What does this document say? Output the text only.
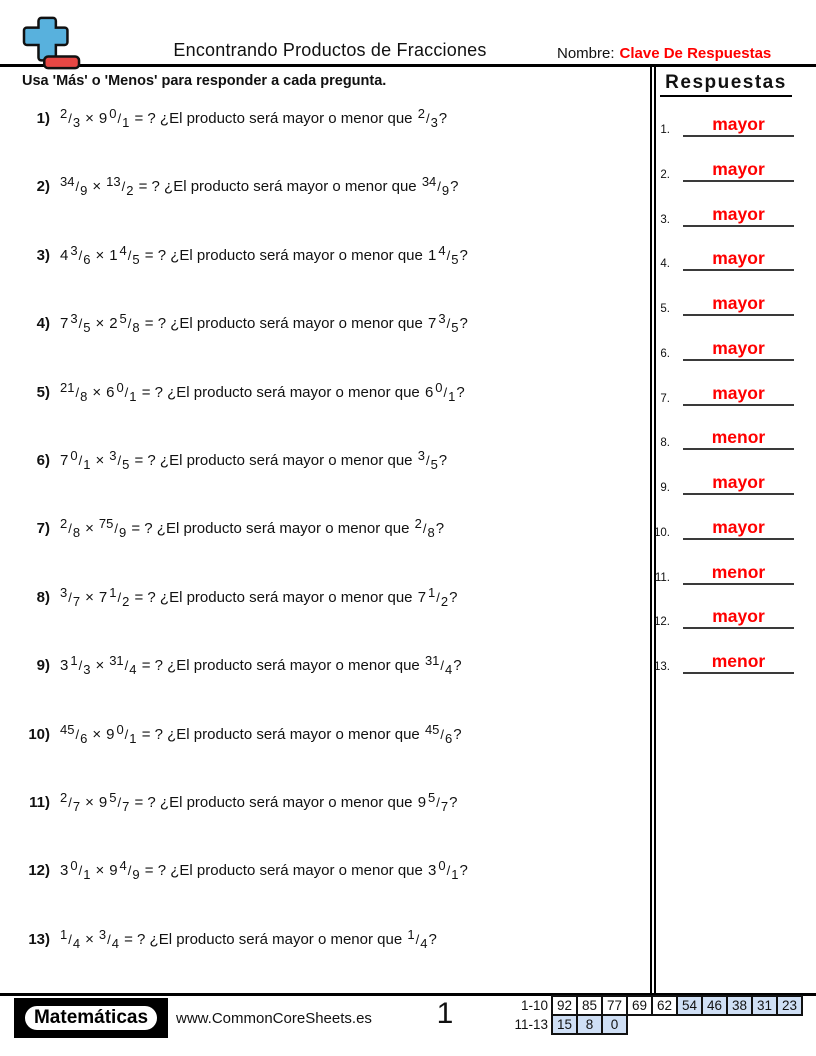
Encontrando Productos de Fracciones	Nombre: Clave De Respuestas
Usa 'Más' o 'Menos' para responder a cada pregunta.
1) 2/3 × 9 0/1 = ? ¿El producto será mayor o menor que 2/3?
2) 34/9 × 13/2 = ? ¿El producto será mayor o menor que 34/9?
3) 4 3/6 × 1 4/5 = ? ¿El producto será mayor o menor que 1 4/5?
4) 7 3/5 × 2 5/8 = ? ¿El producto será mayor o menor que 7 3/5?
5) 21/8 × 6 0/1 = ? ¿El producto será mayor o menor que 6 0/1?
6) 7 0/1 × 3/5 = ? ¿El producto será mayor o menor que 3/5?
7) 2/8 × 75/9 = ? ¿El producto será mayor o menor que 2/8?
8) 3/7 × 7 1/2 = ? ¿El producto será mayor o menor que 7 1/2?
9) 3 1/3 × 31/4 = ? ¿El producto será mayor o menor que 31/4?
10) 45/6 × 9 0/1 = ? ¿El producto será mayor o menor que 45/6?
11) 2/7 × 9 5/7 = ? ¿El producto será mayor o menor que 9 5/7?
12) 3 0/1 × 9 4/9 = ? ¿El producto será mayor o menor que 3 0/1?
13) 1/4 × 3/4 = ? ¿El producto será mayor o menor que 1/4?
Respuestas
1.	mayor
2.	mayor
3.	mayor
4.	mayor
5.	mayor
6.	mayor
7.	mayor
8.	menor
9.	mayor
10.	mayor
11.	menor
12.	mayor
13.	menor
Matemáticas	www.CommonCoreSheets.es	1	1-10 92 85 77 69 62 54 46 38 31 23
11-13 15	8	0
